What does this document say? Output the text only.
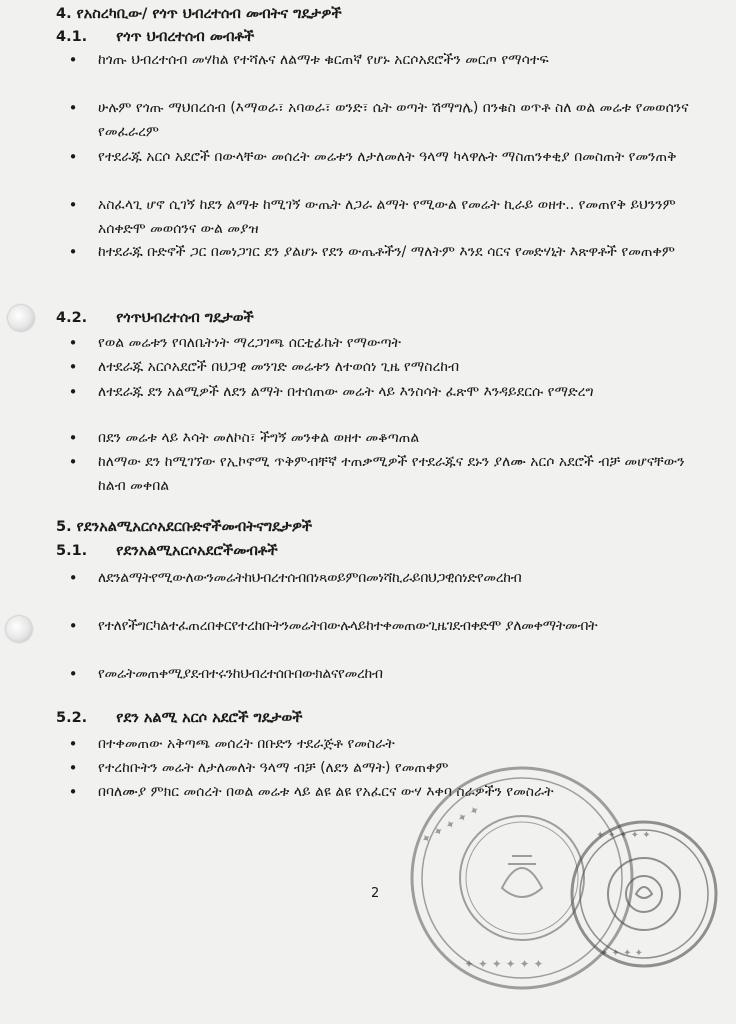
4. የአስረካቢው/ የጎጥ ህብረተሰብ መብትና ግዴታዎች
4.1. የጎጥ ህብረተሰብ መብቶች
• ከጎጡ ህብረተሰብ መሃከል የተሻሉና ለልማቱ ቁርጠኛ የሆኑ አርሶአደሮችን መርጦ የማሳተፍ
• ሁሉም የጎጡ ማህበረሰብ (እማወራ፣ አባወራ፣ ወንድ፣ ሴት ወጣት ሽማግሌ) በንቁስ ወጥቶ ስለ ወል መሬቱ የመወሰንና የመፈራረም
• የተደራጁ አርሶ አደሮች በውላቸው መሰረት መሬቱን ለታለመለት ዓላማ ካላዋሉት ማስጠንቀቂያ በመስጠት የመንጠቅ
• አስፈላጊ ሆኖ ሲገኝ ከደን ልማቱ ከሚገኝ ውጤት ለጋራ ልማት የሚውል የመሬት ኪራይ ወዘተ.. የመጠየቅ ይህንንም አሰቀድሞ መወሰንና ውል መያዝ
• ከተደራጁ ቡድኖች ጋር በመነጋገር ደን ያልሆኑ የደን ውጤቶችን/ ማለትም እንደ ሳርና የመድሃኒት እጽዋቶች የመጠቀም
4.2. የጎጥህብረተሰብ ግዴታወች
• የወል መሬቱን የባለቤትነት ማረጋገጫ ሰርቲፊኬት የማውጣት
• ለተደራጁ አርሶአደሮች በህጋዊ መንገድ መሬቱን ለተወሰነ ጊዜ የማስረከብ
• ለተደራጁ ደን አልሚዎች ለደን ልማት በተሰጠው መሬት ላይ እንስሳት ፈጽሞ እንዳይደርሱ የማድረግ
• በደን መሬቱ ላይ እሳት መለኮስ፣ ችግኝ መንቀል ወዘተ መቆጣጠል
• ከለማው ደን ከሚገኘው የኢኮኖሚ ጥቅምብቸኛ ተጠቃሚዎች የተደራጁና ደኑን ያለሙ አርሶ አደሮች ብቻ መሆናቸውን ከልብ መቀበል
5. የደንአልሚአርሶአደርቡድኖችመብትናግዴታዎች
5.1. የደንአልሚአርሶአደሮችመብቶች
• ለደንልማትየሚውለውንመሬትከህብረተሰብበነጻወይምበመነሻኪራይበህጋዊሰነድየመረከብ
• የተለየችግርካልተፈጠረበቀርየተረከቡትንመሬትበውሉላይከተቀመጠውጊዜገደብቀድሞ ያለመቀማትመብት
• የመሬትመጠቀሚያደብተሩንከህብረተሰቡበውክልናየመረከብ
5.2. የደን አልሚ አርሶ አደሮች ግዴታወች
• በተቀመጠው አቅጣጫ መሰረት በቡድን ተደራጅቶ የመስራት
• የተረከቡትን መሬት ለታለመለት ዓላማ ብቻ (ለደን ልማት) የመጠቀም
• በባለሙያ ምክር መሰረት በወል መሬቱ ላይ ልዩ ልዩ የአፈርና ውሃ እቀባ ስራዎችን የመስራት
2
✦ ✦ ✦ ✦ ✦
✦ ✦ ✦ ✦ ✦ ✦
✦ ✦ ✦ ✦ ✦
✦ ✦ ✦ ✦
